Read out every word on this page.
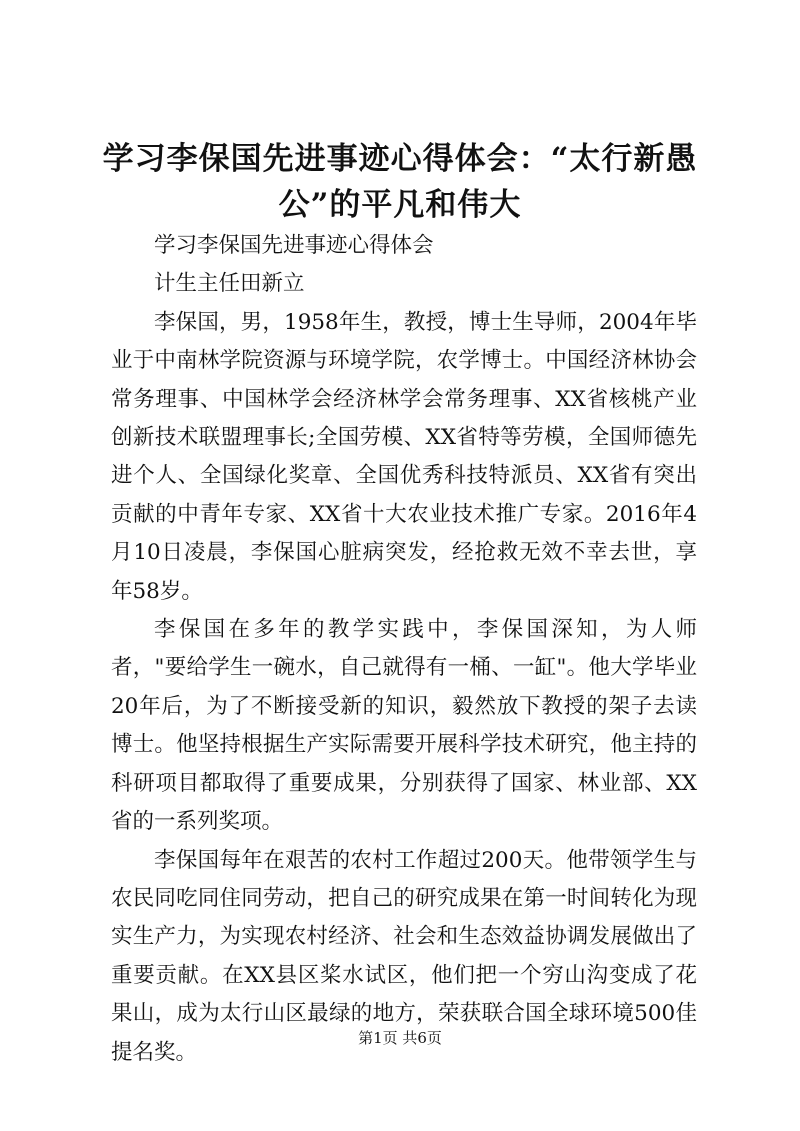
学习李保国先进事迹心得体会：“太行新愚公”的平凡和伟大

学习李保国先进事迹心得体会

计生主任田新立

李保国，男，1958年生，教授，博士生导师，2004年毕业于中南林学院资源与环境学院，农学博士。中国经济林协会常务理事、中国林学会经济林学会常务理事、XX省核桃产业创新技术联盟理事长;全国劳模、XX省特等劳模，全国师德先进个人、全国绿化奖章、全国优秀科技特派员、XX省有突出贡献的中青年专家、XX省十大农业技术推广专家。2016年4月10日凌晨，李保国心脏病突发，经抢救无效不幸去世，享年58岁。

李保国在多年的教学实践中，李保国深知，为人师者，"要给学生一碗水，自己就得有一桶、一缸"。他大学毕业20年后，为了不断接受新的知识，毅然放下教授的架子去读博士。他坚持根据生产实际需要开展科学技术研究，他主持的科研项目都取得了重要成果，分别获得了国家、林业部、XX省的一系列奖项。

李保国每年在艰苦的农村工作超过200天。他带领学生与农民同吃同住同劳动，把自己的研究成果在第一时间转化为现实生产力，为实现农村经济、社会和生态效益协调发展做出了重要贡献。在XX县区桨水试区，他们把一个穷山沟变成了花果山，成为太行山区最绿的地方，荣获联合国全球环境500佳提名奖。

第1页 共6页
